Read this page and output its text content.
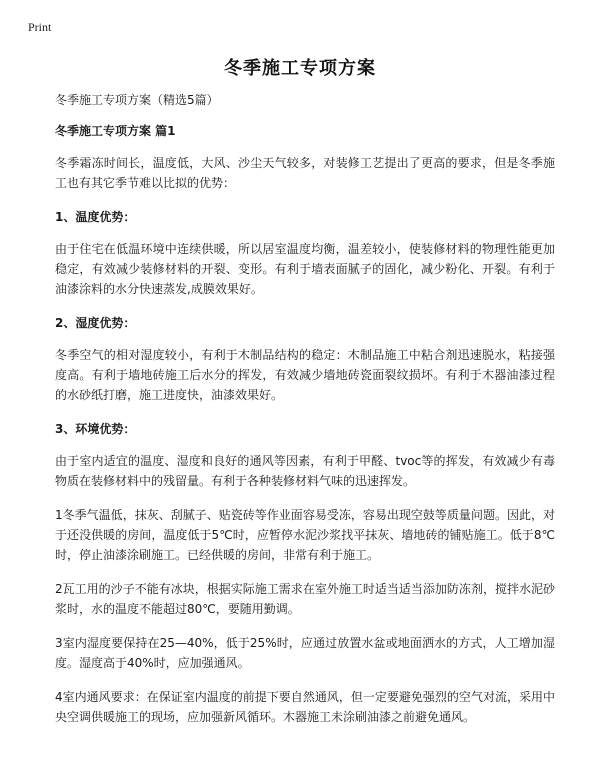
Print
冬季施工专项方案

冬季施工专项方案（精选5篇）

冬季施工专项方案 篇1

冬季霜冻时间长，温度低，大风、沙尘天气较多，对装修工艺提出了更高的要求，但是冬季施工也有其它季节难以比拟的优势：

1、温度优势：

由于住宅在低温环境中连续供暖，所以居室温度均衡，温差较小，使装修材料的物理性能更加稳定，有效减少装修材料的开裂、变形。有利于墙表面腻子的固化，减少粉化、开裂。有利于油漆涂料的水分快速蒸发,成膜效果好。

2、湿度优势：

冬季空气的相对湿度较小，有利于木制品结构的稳定：木制品施工中粘合剂迅速脱水，粘接强度高。有利于墙地砖施工后水分的挥发，有效减少墙地砖瓷面裂纹损坏。有利于木器油漆过程的水砂纸打磨，施工进度快，油漆效果好。

3、环境优势：

由于室内适宜的温度、湿度和良好的通风等因素，有利于甲醛、tvoc等的挥发，有效减少有毒物质在装修材料中的残留量。有利于各种装修材料气味的迅速挥发。

1冬季气温低，抹灰、刮腻子、贴瓷砖等作业面容易受冻，容易出现空鼓等质量问题。因此，对于还没供暖的房间，温度低于5℃时，应暂停水泥沙浆找平抹灰、墙地砖的铺贴施工。低于8℃时，停止油漆涂刷施工。已经供暖的房间，非常有利于施工。

2瓦工用的沙子不能有冰块，根据实际施工需求在室外施工时适当适当添加防冻剂，搅拌水泥砂浆时，水的温度不能超过80℃，要随用勤调。

3室内湿度要保持在25—40%，低于25%时，应通过放置水盆或地面洒水的方式，人工增加湿度。湿度高于40%时，应加强通风。

4室内通风要求：在保证室内温度的前提下要自然通风，但一定要避免强烈的空气对流，采用中央空调供暖施工的现场，应加强新风循环。木器施工未涂刷油漆之前避免通风。
